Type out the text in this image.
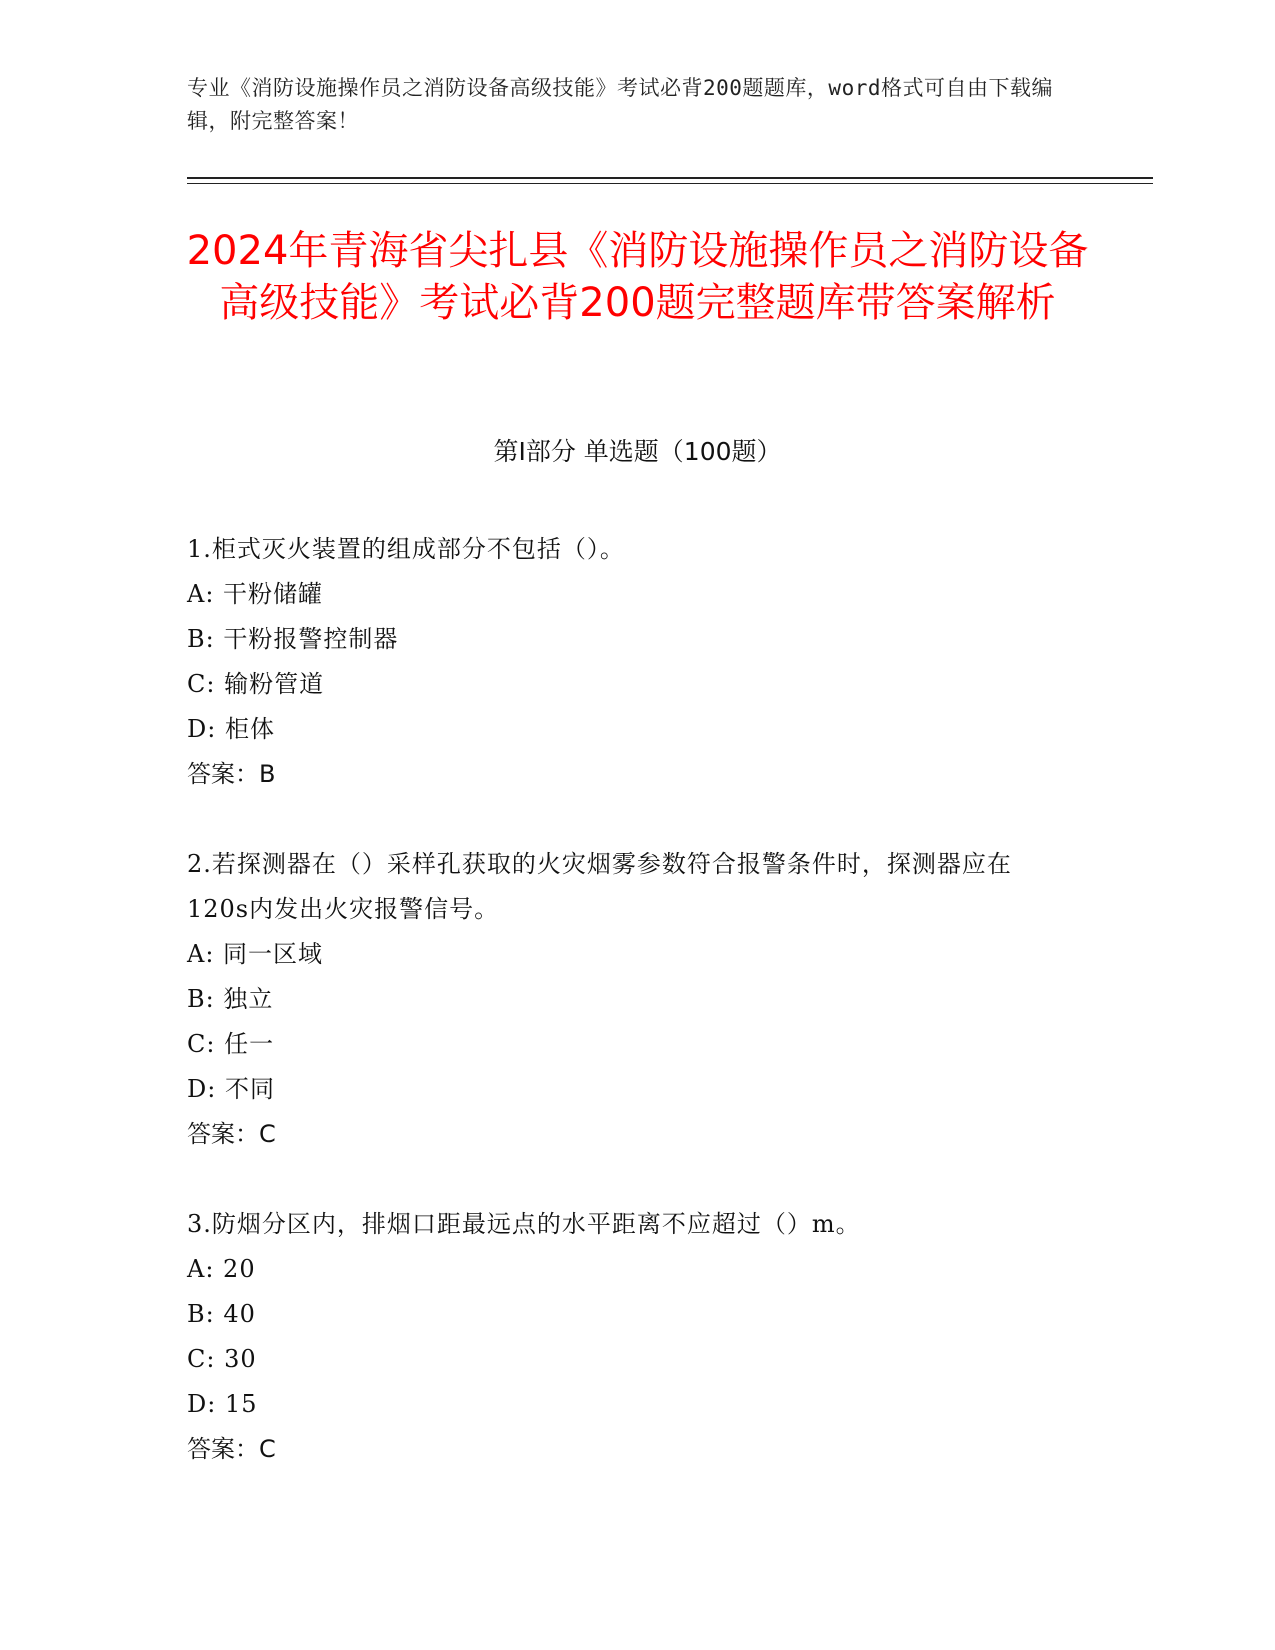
专业《消防设施操作员之消防设备高级技能》考试必背200题题库，word格式可自由下载编辑，附完整答案！
2024年青海省尖扎县《消防设施操作员之消防设备高级技能》考试必背200题完整题库带答案解析
第I部分 单选题（100题）
1.柜式灭火装置的组成部分不包括（）。
A: 干粉储罐
B: 干粉报警控制器
C: 输粉管道
D: 柜体
答案：B
2.若探测器在（）采样孔获取的火灾烟雾参数符合报警条件时，探测器应在120s内发出火灾报警信号。
A: 同一区域
B: 独立
C: 任一
D: 不同
答案：C
3.防烟分区内，排烟口距最远点的水平距离不应超过（）m。
A: 20
B: 40
C: 30
D: 15
答案：C
